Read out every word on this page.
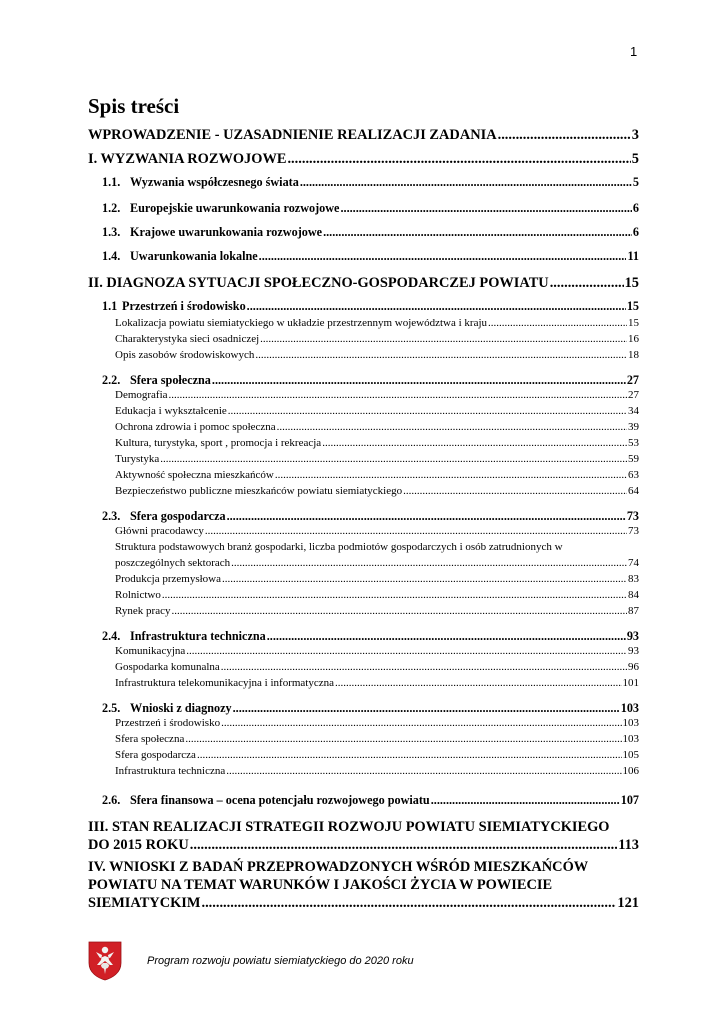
1
Spis treści
WPROWADZENIE - UZASADNIENIE REALIZACJI ZADANIA .....	3
I. WYZWANIA ROZWOJOWE .....	5
1.1. Wyzwania współczesnego świata .....	5
1.2. Europejskie uwarunkowania rozwojowe .....	6
1.3. Krajowe uwarunkowania rozwojowe .....	6
1.4. Uwarunkowania lokalne .....	11
II. DIAGNOZA SYTUACJI SPOŁECZNO-GOSPODARCZEJ POWIATU .....	15
1.1 Przestrzeń i środowisko .....	15
Lokalizacja powiatu siemiatyckiego w układzie przestrzennym województwa i kraju .....	15
Charakterystyka sieci osadniczej .....	16
Opis zasobów środowiskowych .....	18
2.2. Sfera społeczna .....	27
Demografia .....	27
Edukacja i wykształcenie .....	34
Ochrona zdrowia i pomoc społeczna .....	39
Kultura, turystyka, sport , promocja i rekreacja .....	53
Turystyka .....	59
Aktywność społeczna mieszkańców .....	63
Bezpieczeństwo publiczne mieszkańców powiatu siemiatyckiego .....	64
2.3. Sfera gospodarcza .....	73
Główni pracodawcy .....	73
Struktura podstawowych branż gospodarki, liczba podmiotów gospodarczych i osób zatrudnionych w
poszczególnych sektorach .....	74
Produkcja przemysłowa .....	83
Rolnictwo .....	84
Rynek pracy .....	87
2.4. Infrastruktura techniczna .....	93
Komunikacyjna .....	93
Gospodarka komunalna .....	96
Infrastruktura telekomunikacyjna i informatyczna .....	101
2.5. Wnioski z diagnozy .....	103
Przestrzeń i środowisko .....	103
Sfera społeczna .....	103
Sfera gospodarcza .....	105
Infrastruktura techniczna .....	106
2.6. Sfera finansowa – ocena potencjału rozwojowego powiatu .....	107
III. STAN REALIZACJI STRATEGII ROZWOJU POWIATU SIEMIATYCKIEGO
DO 2015 ROKU .....	113
IV. WNIOSKI Z BADAŃ PRZEPROWADZONYCH WŚRÓD MIESZKAŃCÓW
POWIATU NA TEMAT WARUNKÓW I JAKOŚCI ŻYCIA W POWIECIE
SIEMIATYCKIM .....	121
Program rozwoju powiatu siemiatyckiego do 2020 roku
